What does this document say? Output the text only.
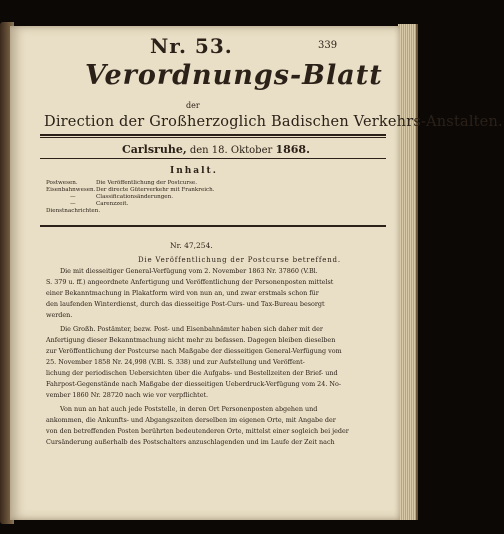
Nr. 53.	339
Verordnungs-Blatt
der
Direction der Großherzoglich Badischen Verkehrs-Anstalten.
Carlsruhe, den 18. Oktober 1868.
Inhalt.
Postwesen.	Die Veröffentlichung der Postcurse.
Eisenbahnwesen. Der directe Güterverkehr mit Frankreich.
—	Classificationsänderungen.
—	Carenzzeit.
Dienstnachrichten.
Nr. 47,254.
Die Veröffentlichung der Postcurse betreffend.
Die mit diesseitiger General-Verfügung vom 2. November 1863 Nr. 37860 (V.Bl.
S. 379 u. ff.) angeordnete Anfertigung und Veröffentlichung der Personenposten mittelst
einer Bekanntmachung in Plakatform wird von nun an, und zwar erstmals schon für
den laufenden Winterdienst, durch das diesseitige Post-Curs- und Tax-Bureau besorgt
werden.
Die Großh. Postämter, bezw. Post- und Eisenbahnämter haben sich daher mit der
Anfertigung dieser Bekanntmachung nicht mehr zu befassen. Dagegen bleiben dieselben
zur Veröffentlichung der Postcurse nach Maßgabe der diesseitigen General-Verfügung vom
25. November 1858 Nr. 24,998 (V.Bl. S. 338) und zur Aufstellung und Veröffent-
lichung der periodischen Uebersichten über die Aufgabs- und Bestellzeiten der Brief- und
Fahrpost-Gegenstände nach Maßgabe der diesseitigen Ueberdruck-Verfügung vom 24. No-
vember 1860 Nr. 28720 nach wie vor verpflichtet.
Von nun an hat auch jede Poststelle, in deren Ort Personenposten abgehen und
ankommen, die Ankunfts- und Abgangszeiten derselben im eigenen Orte, mit Angabe der
von den betreffenden Posten berührten bedeutenderen Orte, mittelst einer sogleich bei jeder
Cursänderung außerhalb des Postschalters anzuschlagenden und im Laufe der Zeit nach
